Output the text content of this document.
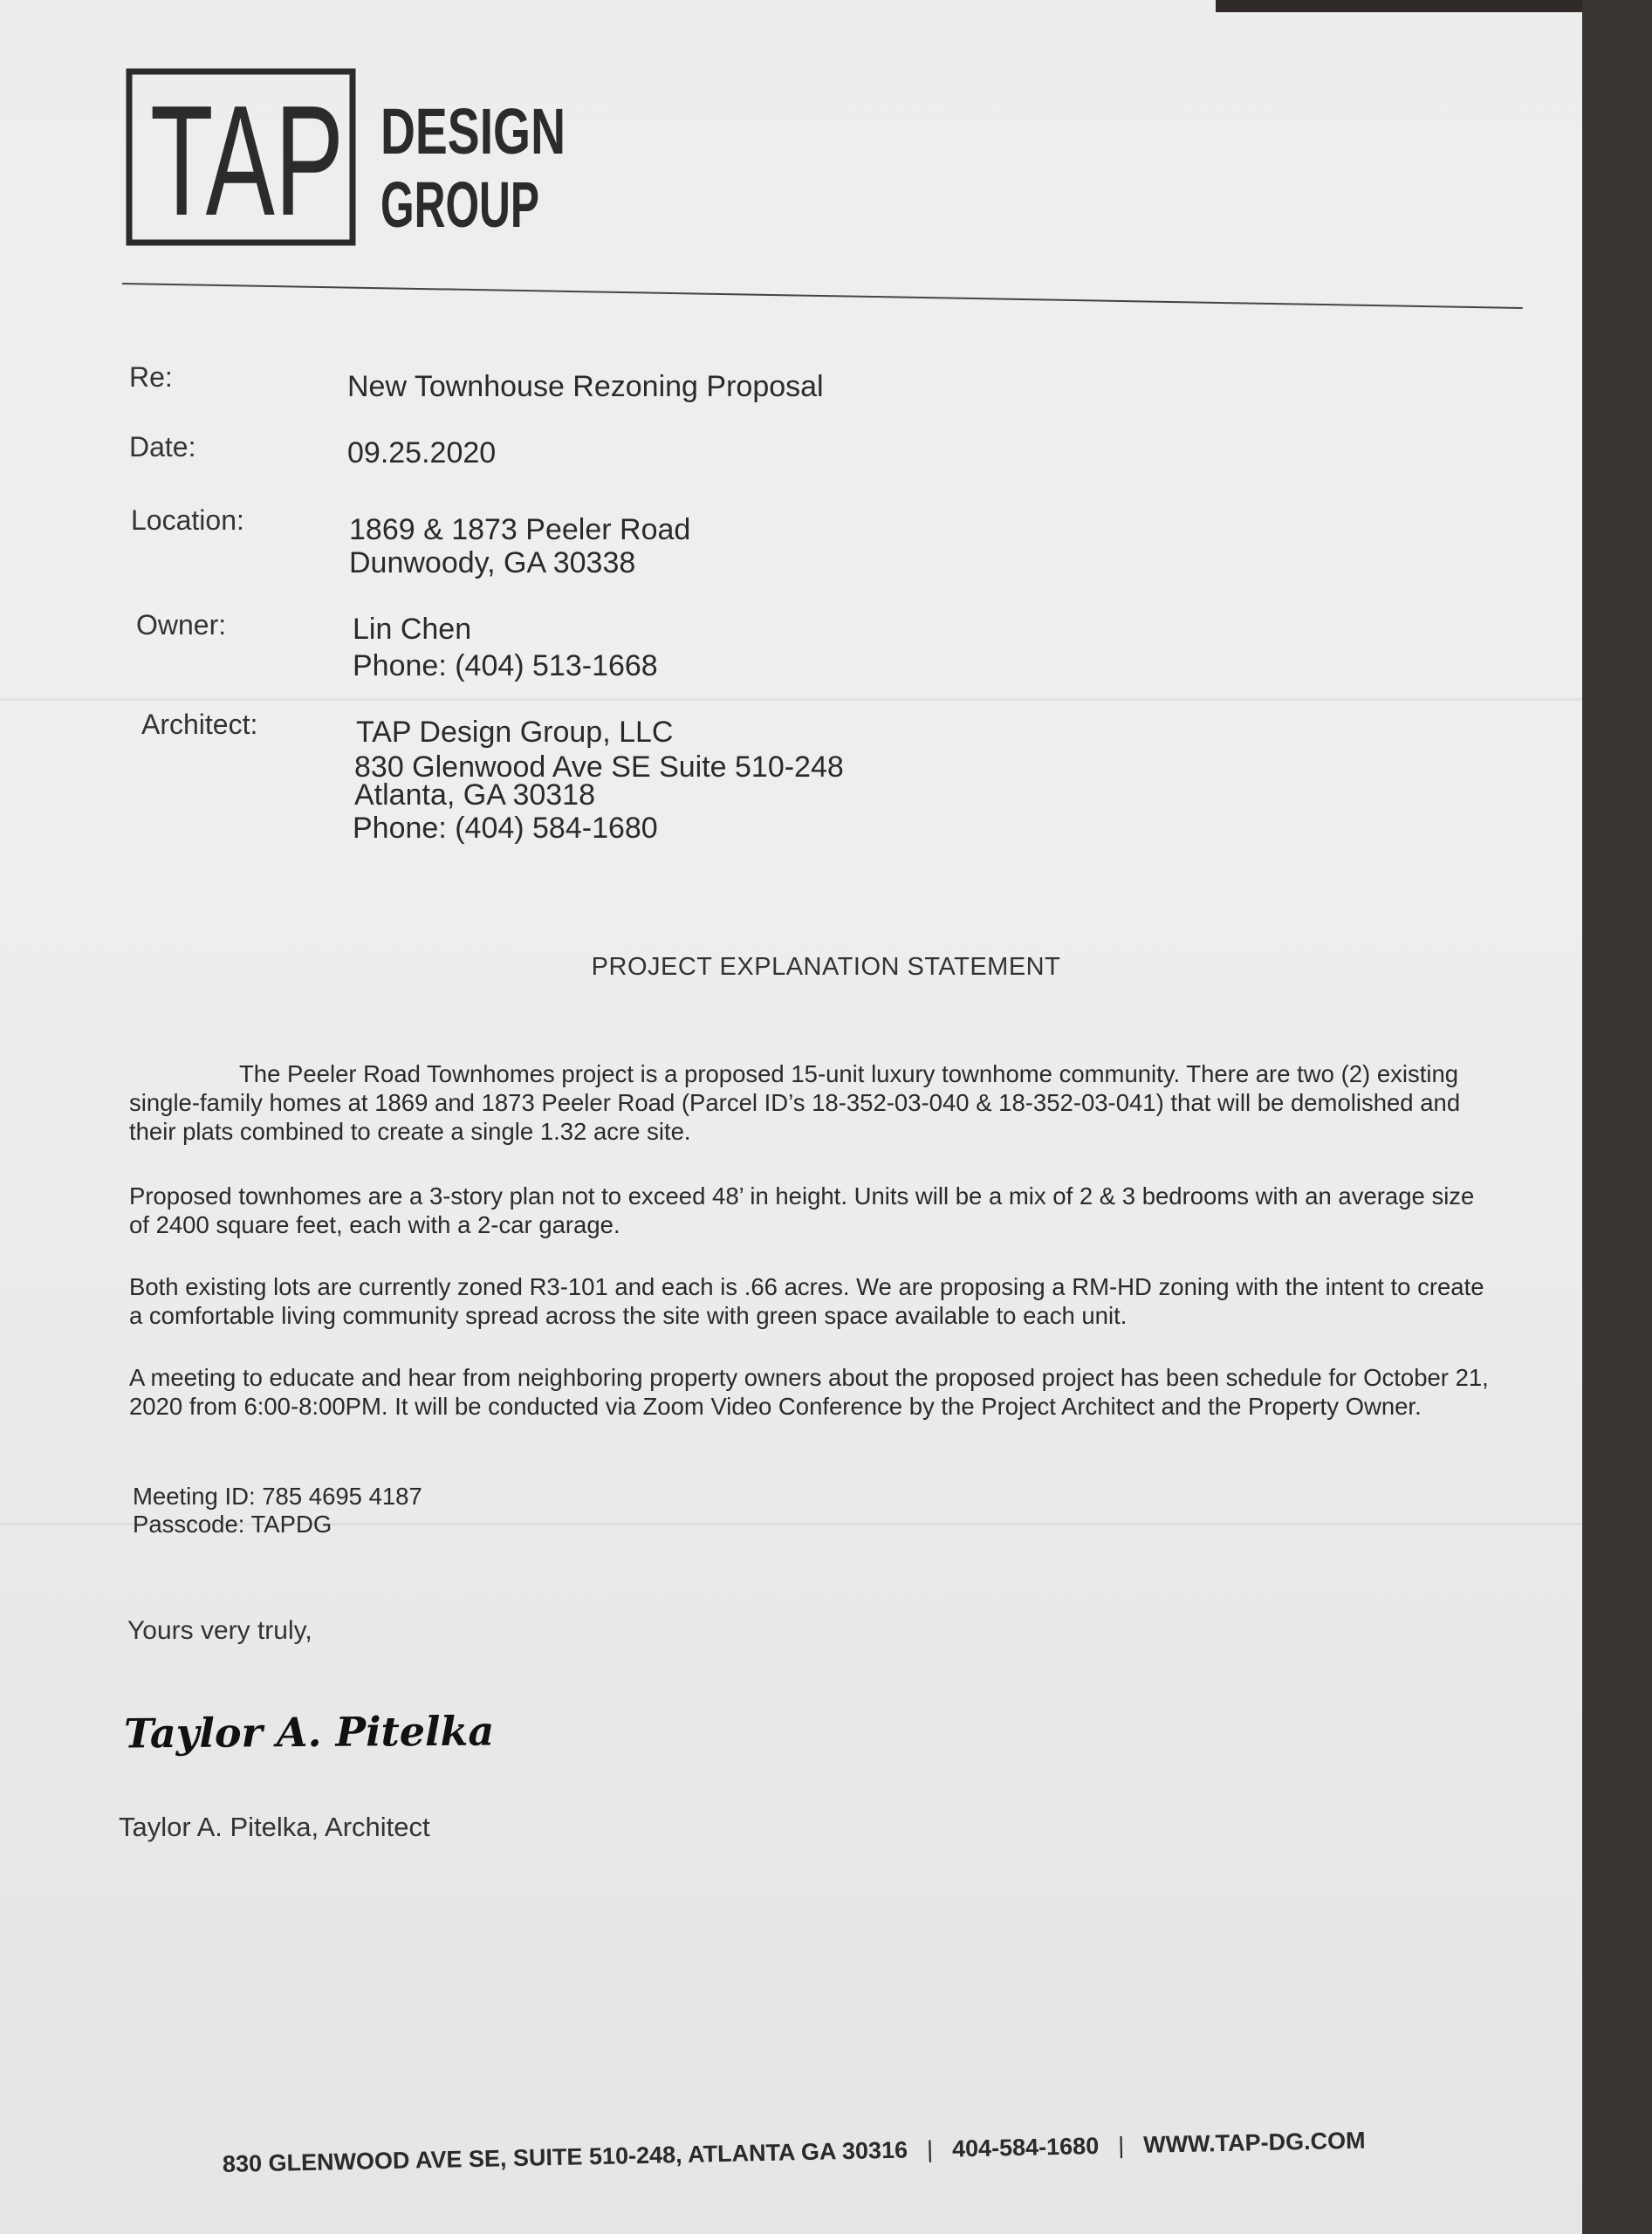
TAP DESIGN
GROUP
Re:	New Townhouse Rezoning Proposal
Date:	09.25.2020
Location:	1869 & 1873 Peeler Road
Dunwoody, GA 30338
Owner:	Lin Chen
Phone: (404) 513-1668
Architect:	TAP Design Group, LLC
830 Glenwood Ave SE Suite 510-248
Atlanta, GA 30318
Phone: (404) 584-1680
PROJECT EXPLANATION STATEMENT
The Peeler Road Townhomes project is a proposed 15-unit luxury townhome community. There are two (2) existing single-family homes at 1869 and 1873 Peeler Road (Parcel ID’s 18-352-03-040 & 18-352-03-041) that will be demolished and their plats combined to create a single 1.32 acre site.
Proposed townhomes are a 3-story plan not to exceed 48’ in height. Units will be a mix of 2 & 3 bedrooms with an average size of 2400 square feet, each with a 2-car garage.
Both existing lots are currently zoned R3-101 and each is .66 acres. We are proposing a RM-HD zoning with the intent to create a comfortable living community spread across the site with green space available to each unit.
A meeting to educate and hear from neighboring property owners about the proposed project has been schedule for October 21, 2020 from 6:00-8:00PM. It will be conducted via Zoom Video Conference by the Project Architect and the Property Owner.
Meeting ID: 785 4695 4187
Passcode: TAPDG
Yours very truly,
Taylor A. Pitelka
Taylor A. Pitelka, Architect
830 GLENWOOD AVE SE, SUITE 510-248, ATLANTA GA 30316 | 404-584-1680 | WWW.TAP-DG.COM
